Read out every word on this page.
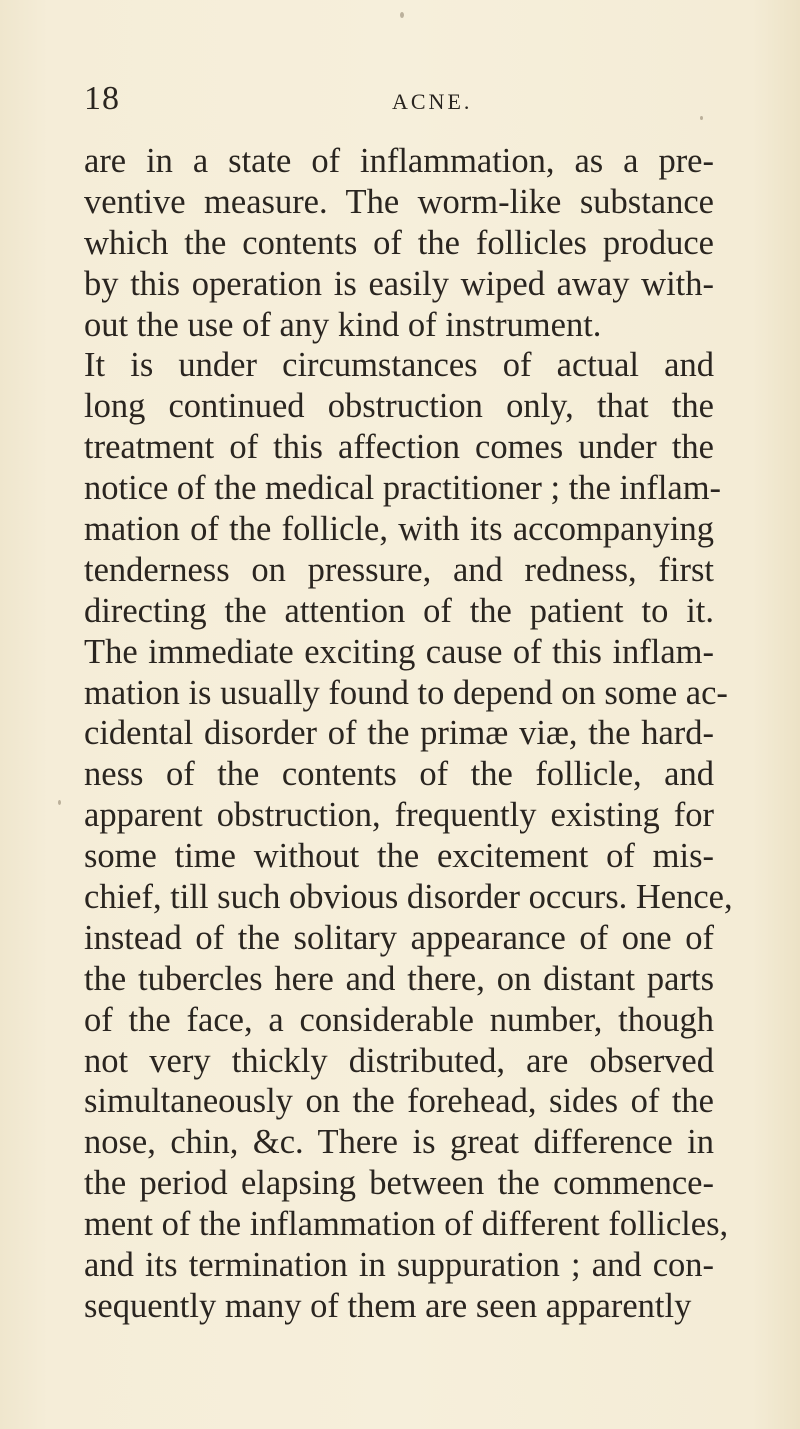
18	ACNE.
are in a state of inflammation, as a pre-
ventive measure. The worm-like substance
which the contents of the follicles produce
by this operation is easily wiped away with-
out the use of any kind of instrument.
It is under circumstances of actual and
long continued obstruction only, that the
treatment of this affection comes under the
notice of the medical practitioner ; the inflam-
mation of the follicle, with its accompanying
tenderness on pressure, and redness, first
directing the attention of the patient to it.
The immediate exciting cause of this inflam-
mation is usually found to depend on some ac-
cidental disorder of the primæ viæ, the hard-
ness of the contents of the follicle, and
apparent obstruction, frequently existing for
some time without the excitement of mis-
chief, till such obvious disorder occurs. Hence,
instead of the solitary appearance of one of
the tubercles here and there, on distant parts
of the face, a considerable number, though
not very thickly distributed, are observed
simultaneously on the forehead, sides of the
nose, chin, &c. There is great difference in
the period elapsing between the commence-
ment of the inflammation of different follicles,
and its termination in suppuration ; and con-
sequently many of them are seen apparently
